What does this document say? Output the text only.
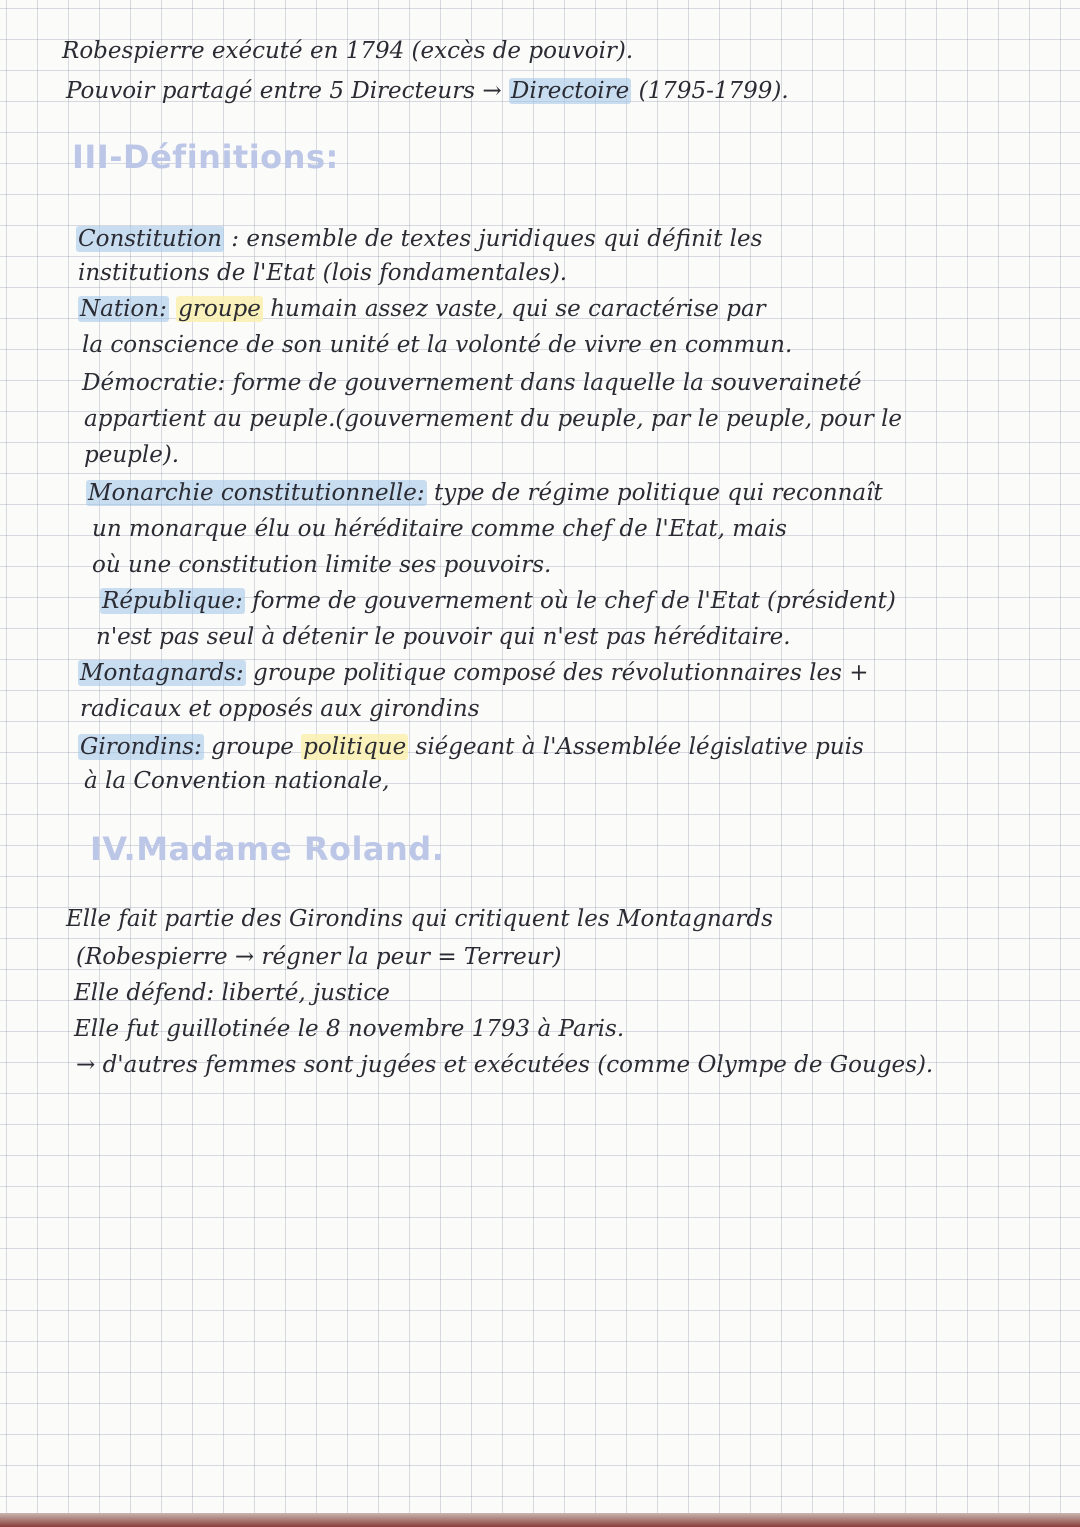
Robespierre exécuté en 1794 (excès de pouvoir).
Pouvoir partagé entre 5 Directeurs → Directoire (1795-1799).
III-Définitions:
Constitution : ensemble de textes juridiques qui définit les
institutions de l'Etat (lois fondamentales).
Nation: groupe humain assez vaste, qui se caractérise par
la conscience de son unité et la volonté de vivre en commun.
Démocratie: forme de gouvernement dans laquelle la souveraineté
appartient au peuple.(gouvernement du peuple, par le peuple, pour le
peuple).
Monarchie constitutionnelle: type de régime politique qui reconnaît
un monarque élu ou héréditaire comme chef de l'Etat, mais
où une constitution limite ses pouvoirs.
République: forme de gouvernement où le chef de l'Etat (président)
n'est pas seul à détenir le pouvoir qui n'est pas héréditaire.
Montagnards: groupe politique composé des révolutionnaires les +
radicaux et opposés aux girondins
Girondins: groupe politique siégeant à l'Assemblée législative puis
à la Convention nationale,
IV.Madame Roland.
Elle fait partie des Girondins qui critiquent les Montagnards
(Robespierre → régner la peur = Terreur)
Elle défend: liberté, justice
Elle fut guillotinée le 8 novembre 1793 à Paris.
→ d'autres femmes sont jugées et exécutées (comme Olympe de Gouges).
